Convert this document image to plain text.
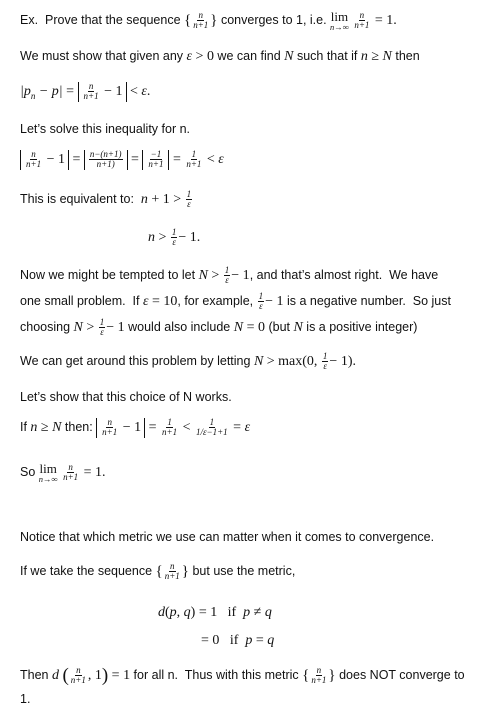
Ex.  Prove that the sequence { $\frac{n}{n+1}$ } converges to 1, i.e. lim
n→∞
$\frac{n}{n+1} = 1$.
We must show that given any ε > 0 we can find N such that if n ≥ N then
$|p_n - p| = \frac{n}{n+1} - 1 < \varepsilon$.
Let’s solve this inequality for n.
$\frac{n}{n+1} - 1 = \frac{n-(n+1)}{n+1)} = \frac{-1}{n+1} = \frac{1}{n+1} < \varepsilon$
This is equivalent to:  $n + 1 > \frac{1}{\varepsilon}$
$n > \frac{1}{\varepsilon} - 1$.
Now we might be tempted to let $N > \frac{1}{\varepsilon} - 1$, and that’s almost right.  We have
one small problem.  If ε = 10, for example, $\frac{1}{\varepsilon} - 1$ is a negative number.  So just
choosing $N > \frac{1}{\varepsilon} - 1$ would also include N = 0 (but N is a positive integer)
We can get around this problem by letting N > max(0, $\frac{1}{\varepsilon} - 1$).
Let’s show that this choice of N works.
If n ≥ N then: $\frac{n}{n+1} - 1 = \frac{1}{n+1} < \frac{1}{1/\varepsilon-1+1} = \varepsilon$
So lim
n→∞
$\frac{n}{n+1} = 1$.
Notice that which metric we use can matter when it comes to convergence.
If we take the sequence { $\frac{n}{n+1}$ } but use the metric,
d(p, q) = 1 if p ≠ q
= 0 if p = q
Then d ( $\frac{n}{n+1}$ , 1) = 1 for all n.  Thus with this metric { $\frac{n}{n+1}$ } does NOT converge to
1.
